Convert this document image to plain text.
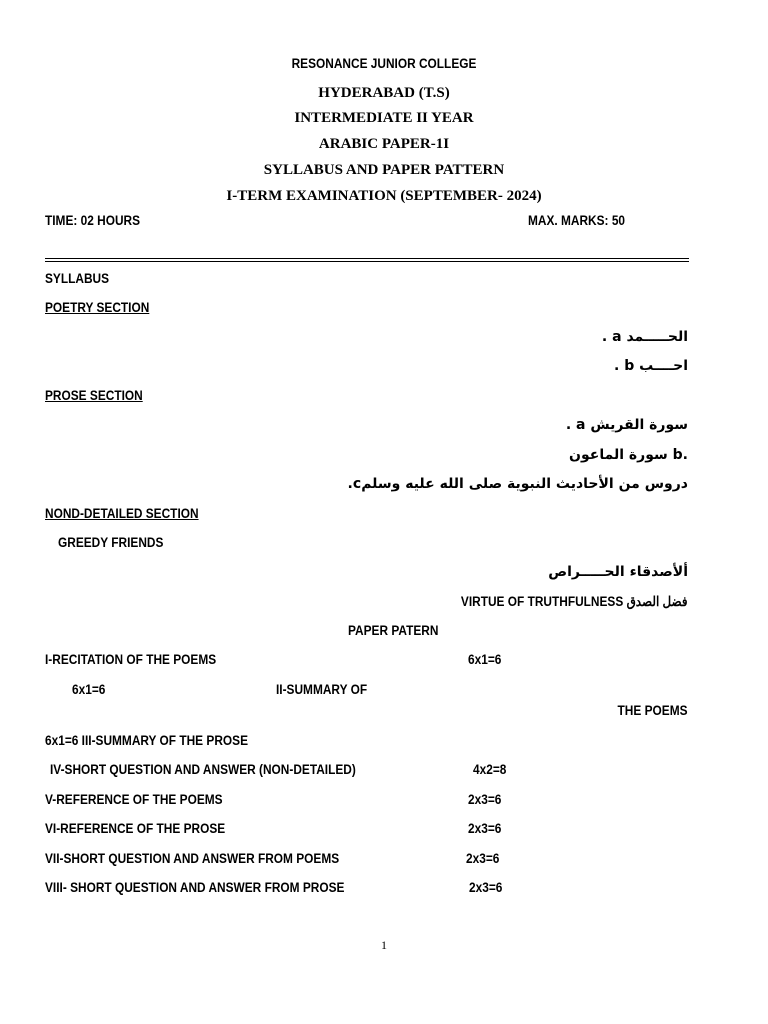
RESONANCE JUNIOR COLLEGE
HYDERABAD (T.S)
INTERMEDIATE II YEAR
ARABIC PAPER-1I
SYLLABUS AND PAPER PATTERN
I-TERM EXAMINATION (SEPTEMBER- 2024)
TIME: 02 HOURS	MAX. MARKS: 50
SYLLABUS
POETRY SECTION
الحـــــمد a .
احــــب b .
PROSE SECTION
سورة القريش a .
.b سورة الماعون
دروس من الأحاديث النبوية صلى الله عليه وسلمc.
NOND-DETAILED SECTION
GREEDY FRIENDS
ألأصدقاء الحـــــراص
VIRTUE OF TRUTHFULNESS فضل الصدق
PAPER PATERN
I-RECITATION OF THE POEMS	6x1=6
6x1=6	II-SUMMARY OF
THE POEMS
6x1=6 III-SUMMARY OF THE PROSE
IV-SHORT QUESTION AND ANSWER (NON-DETAILED)	4x2=8
V-REFERENCE OF THE POEMS	2x3=6
VI-REFERENCE OF THE PROSE	2x3=6
VII-SHORT QUESTION AND ANSWER FROM POEMS	2x3=6
VIII- SHORT QUESTION AND ANSWER FROM PROSE	2x3=6
1
